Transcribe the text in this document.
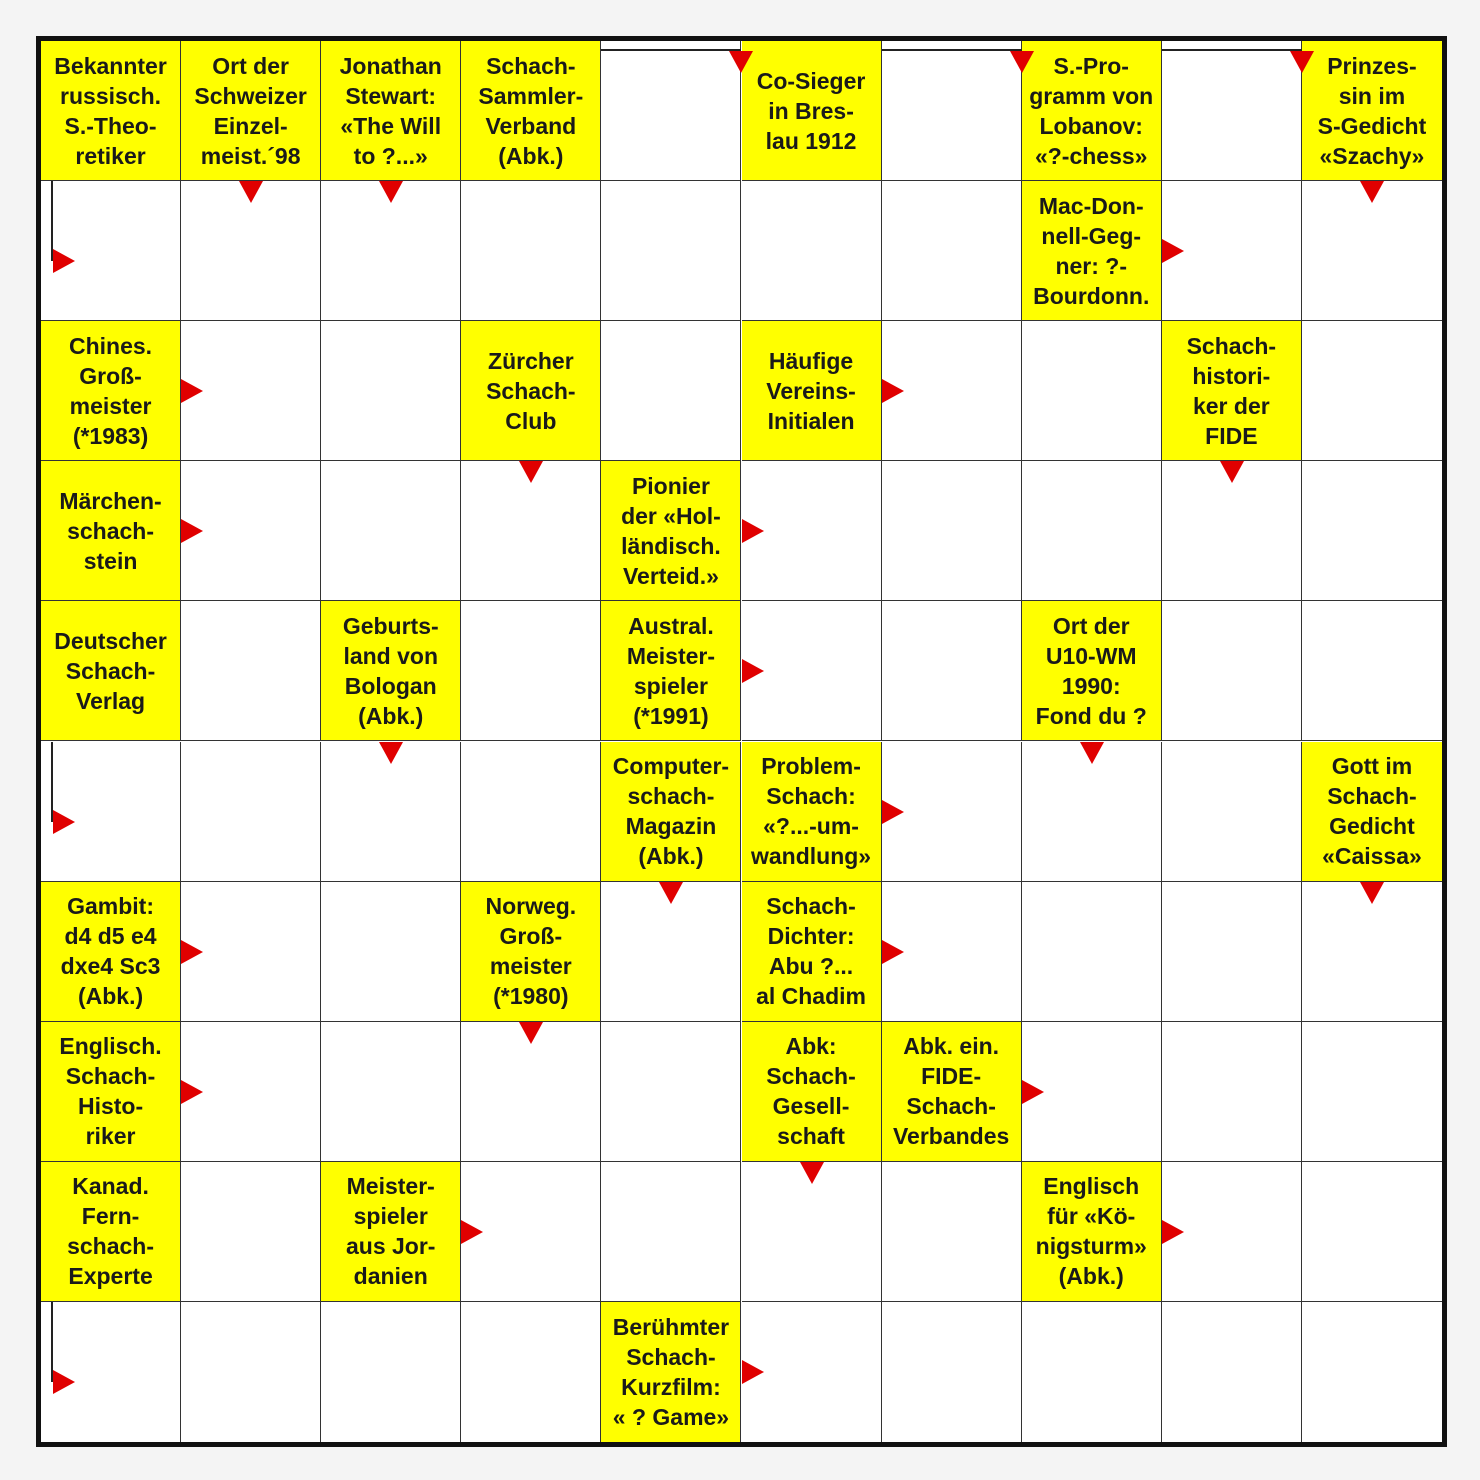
Bekannter
russisch.
S.-Theo-
retiker
Ort der
Schweizer
Einzel-
meist.´98
Jonathan
Stewart:
«The Will
to ?...»
Schach-
Sammler-
Verband
(Abk.)
Co-Sieger
in Bres-
lau 1912
S.-Pro-
gramm von
Lobanov:
«?-chess»
Prinzes-
sin im
S-Gedicht
«Szachy»
Mac-Don-
nell-Geg-
ner: ?-
Bourdonn.
Chines.
Groß-
meister
(*1983)
Zürcher
Schach-
Club
Häufige
Vereins-
Initialen
Schach-
histori-
ker der
FIDE
Märchen-
schach-
stein
Pionier
der «Hol-
ländisch.
Verteid.»
Deutscher
Schach-
Verlag
Geburts-
land von
Bologan
(Abk.)
Austral.
Meister-
spieler
(*1991)
Ort der
U10-WM
1990:
Fond du ?
Computer-
schach-
Magazin
(Abk.)
Problem-
Schach:
«?...-um-
wandlung»
Gott im
Schach-
Gedicht
«Caissa»
Gambit:
d4 d5 e4
dxe4 Sc3
(Abk.)
Norweg.
Groß-
meister
(*1980)
Schach-
Dichter:
Abu ?...
al Chadim
Englisch.
Schach-
Histo-
riker
Abk:
Schach-
Gesell-
schaft
Abk. ein.
FIDE-
Schach-
Verbandes
Kanad.
Fern-
schach-
Experte
Meister-
spieler
aus Jor-
danien
Englisch
für «Kö-
nigsturm»
(Abk.)
Berühmter
Schach-
Kurzfilm:
« ? Game»
